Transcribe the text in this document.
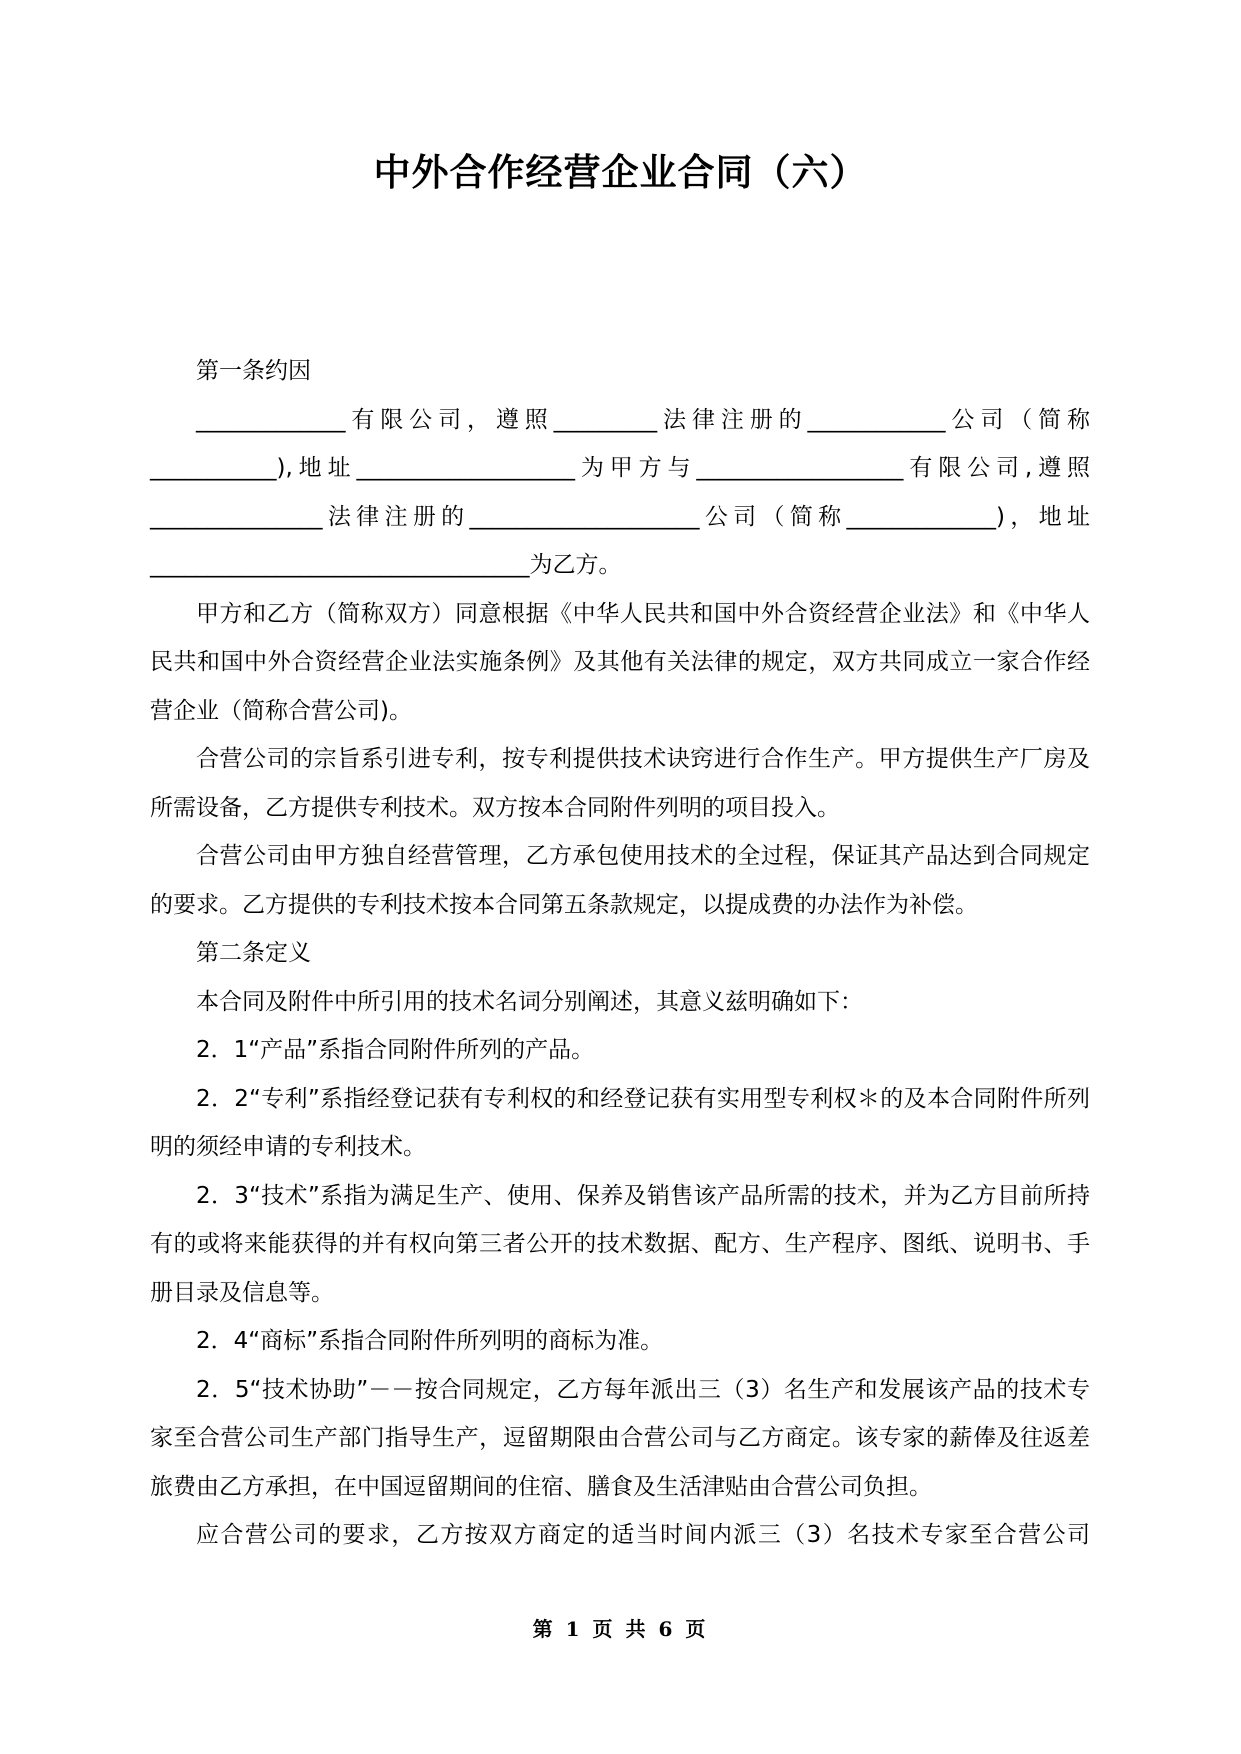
中外合作经营企业合同（六）

第一条约因

_____________有限公司，遵照_________法律注册的____________公司（简称___________),地址___________________为甲方与__________________有限公司,遵照_______________法律注册的____________________公司（简称_____________)，地址_________________________________为乙方。

甲方和乙方（简称双方）同意根据《中华人民共和国中外合资经营企业法》和《中华人民共和国中外合资经营企业法实施条例》及其他有关法律的规定，双方共同成立一家合作经营企业（简称合营公司)。

合营公司的宗旨系引进专利，按专利提供技术诀窍进行合作生产。甲方提供生产厂房及所需设备，乙方提供专利技术。双方按本合同附件列明的项目投入。

合营公司由甲方独自经营管理，乙方承包使用技术的全过程，保证其产品达到合同规定的要求。乙方提供的专利技术按本合同第五条款规定，以提成费的办法作为补偿。

第二条定义

本合同及附件中所引用的技术名词分别阐述，其意义兹明确如下：

2．1“产品”系指合同附件所列的产品。

2．2“专利”系指经登记获有专利权的和经登记获有实用型专利权＊的及本合同附件所列明的须经申请的专利技术。

2．3“技术”系指为满足生产、使用、保养及销售该产品所需的技术，并为乙方目前所持有的或将来能获得的并有权向第三者公开的技术数据、配方、生产程序、图纸、说明书、手册目录及信息等。

2．4“商标”系指合同附件所列明的商标为准。

2．5“技术协助”－－按合同规定，乙方每年派出三（3）名生产和发展该产品的技术专家至合营公司生产部门指导生产，逗留期限由合营公司与乙方商定。该专家的薪俸及往返差旅费由乙方承担，在中国逗留期间的住宿、膳食及生活津贴由合营公司负担。

应合营公司的要求，乙方按双方商定的适当时间内派三（3）名技术专家至合营公司

第 1 页 共 6 页
